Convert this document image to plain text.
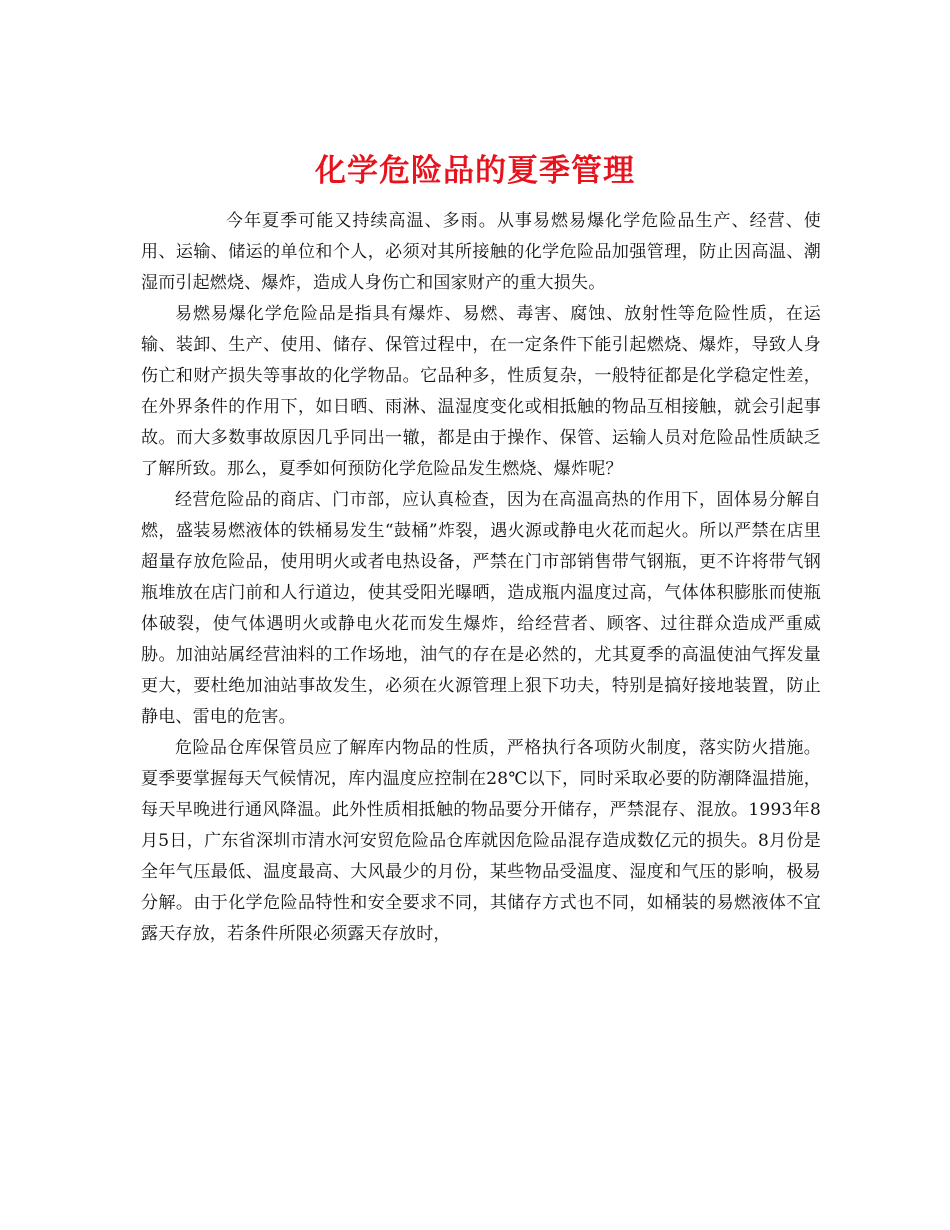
化学危险品的夏季管理

今年夏季可能又持续高温、多雨。从事易燃易爆化学危险品生产、经营、使用、运输、储运的单位和个人，必须对其所接触的化学危险品加强管理，防止因高温、潮湿而引起燃烧、爆炸，造成人身伤亡和国家财产的重大损失。

易燃易爆化学危险品是指具有爆炸、易燃、毒害、腐蚀、放射性等危险性质，在运输、装卸、生产、使用、储存、保管过程中，在一定条件下能引起燃烧、爆炸，导致人身伤亡和财产损失等事故的化学物品。它品种多，性质复杂，一般特征都是化学稳定性差，在外界条件的作用下，如日晒、雨淋、温湿度变化或相抵触的物品互相接触，就会引起事故。而大多数事故原因几乎同出一辙，都是由于操作、保管、运输人员对危险品性质缺乏了解所致。那么，夏季如何预防化学危险品发生燃烧、爆炸呢？

经营危险品的商店、门市部，应认真检查，因为在高温高热的作用下，固体易分解自燃，盛装易燃液体的铁桶易发生“鼓桶”炸裂，遇火源或静电火花而起火。所以严禁在店里超量存放危险品，使用明火或者电热设备，严禁在门市部销售带气钢瓶，更不许将带气钢瓶堆放在店门前和人行道边，使其受阳光曝晒，造成瓶内温度过高，气体体积膨胀而使瓶体破裂，使气体遇明火或静电火花而发生爆炸，给经营者、顾客、过往群众造成严重威胁。加油站属经营油料的工作场地，油气的存在是必然的，尤其夏季的高温使油气挥发量更大，要杜绝加油站事故发生，必须在火源管理上狠下功夫，特别是搞好接地装置，防止静电、雷电的危害。

危险品仓库保管员应了解库内物品的性质，严格执行各项防火制度，落实防火措施。夏季要掌握每天气候情况，库内温度应控制在28℃以下，同时采取必要的防潮降温措施，每天早晚进行通风降温。此外性质相抵触的物品要分开储存，严禁混存、混放。1993年8月5日，广东省深圳市清水河安贸危险品仓库就因危险品混存造成数亿元的损失。8月份是全年气压最低、温度最高、大风最少的月份，某些物品受温度、湿度和气压的影响，极易分解。由于化学危险品特性和安全要求不同，其储存方式也不同，如桶装的易燃液体不宜露天存放，若条件所限必须露天存放时，
